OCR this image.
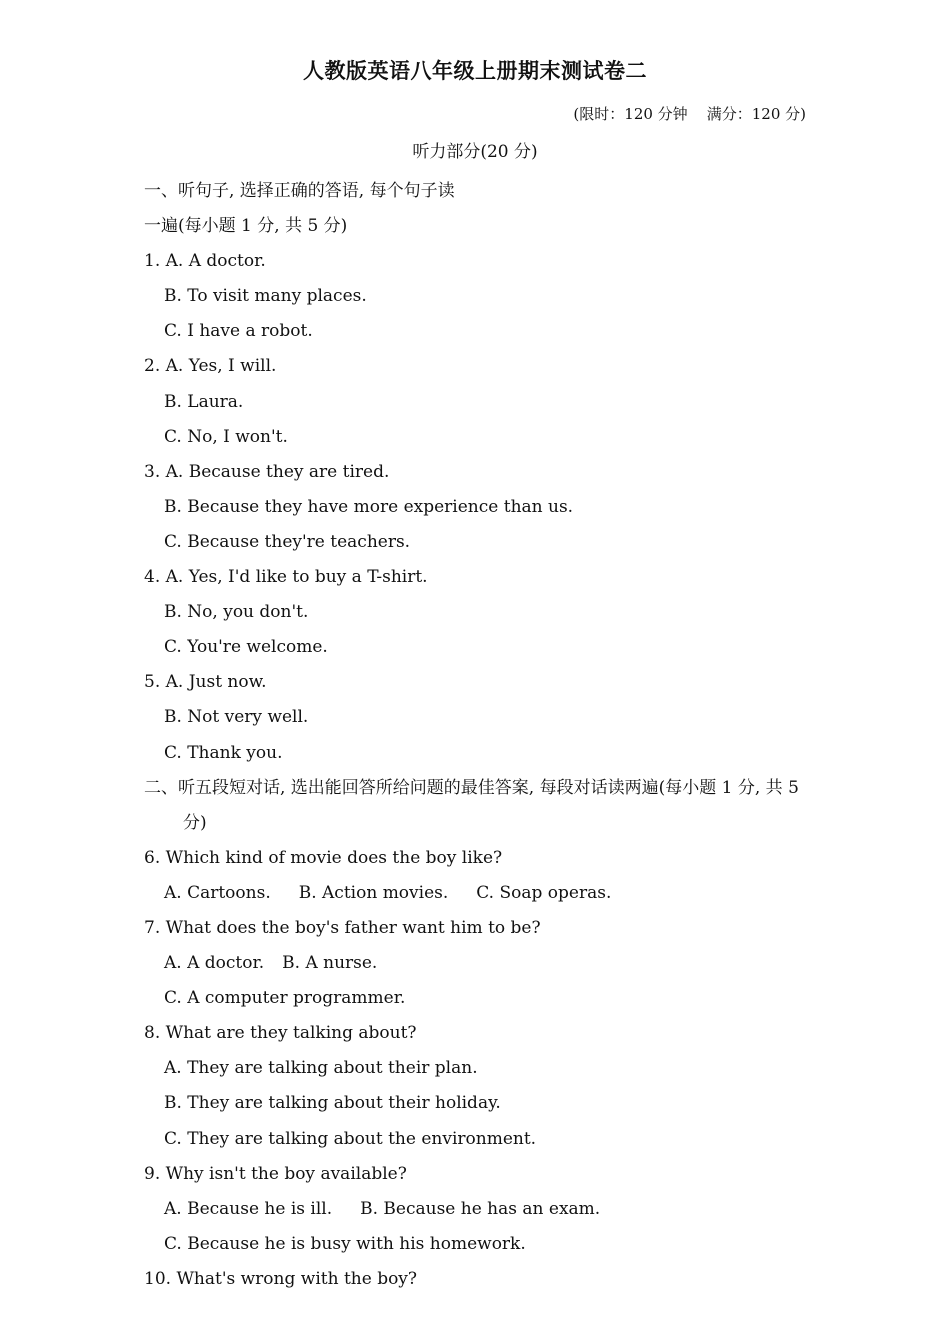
人教版英语八年级上册期末测试卷二
(限时：120 分钟    满分：120 分)
听力部分(20 分)
一、听句子, 选择正确的答语, 每个句子读
一遍(每小题 1 分, 共 5 分)
1. A. A doctor.
B. To visit many places.
C. I have a robot.
2. A. Yes, I will.
B. Laura.
C. No, I won't.
3. A. Because they are tired.
B. Because they have more experience than us.
C. Because they're teachers.
4. A. Yes, I'd like to buy a T-shirt.
B. No, you don't.
C. You're welcome.
5. A. Just now.
B. Not very well.
C. Thank you.
二、听五段短对话, 选出能回答所给问题的最佳答案, 每段对话读两遍(每小题 1 分, 共 5 分)
6. Which kind of movie does the boy like?
A. Cartoons. B. Action movies. C. Soap operas.
7. What does the boy's father want him to be?
A. A doctor. B. A nurse.
C. A computer programmer.
8. What are they talking about?
A. They are talking about their plan.
B. They are talking about their holiday.
C. They are talking about the environment.
9. Why isn't the boy available?
A. Because he is ill. B. Because he has an exam.
C. Because he is busy with his homework.
10. What's wrong with the boy?
